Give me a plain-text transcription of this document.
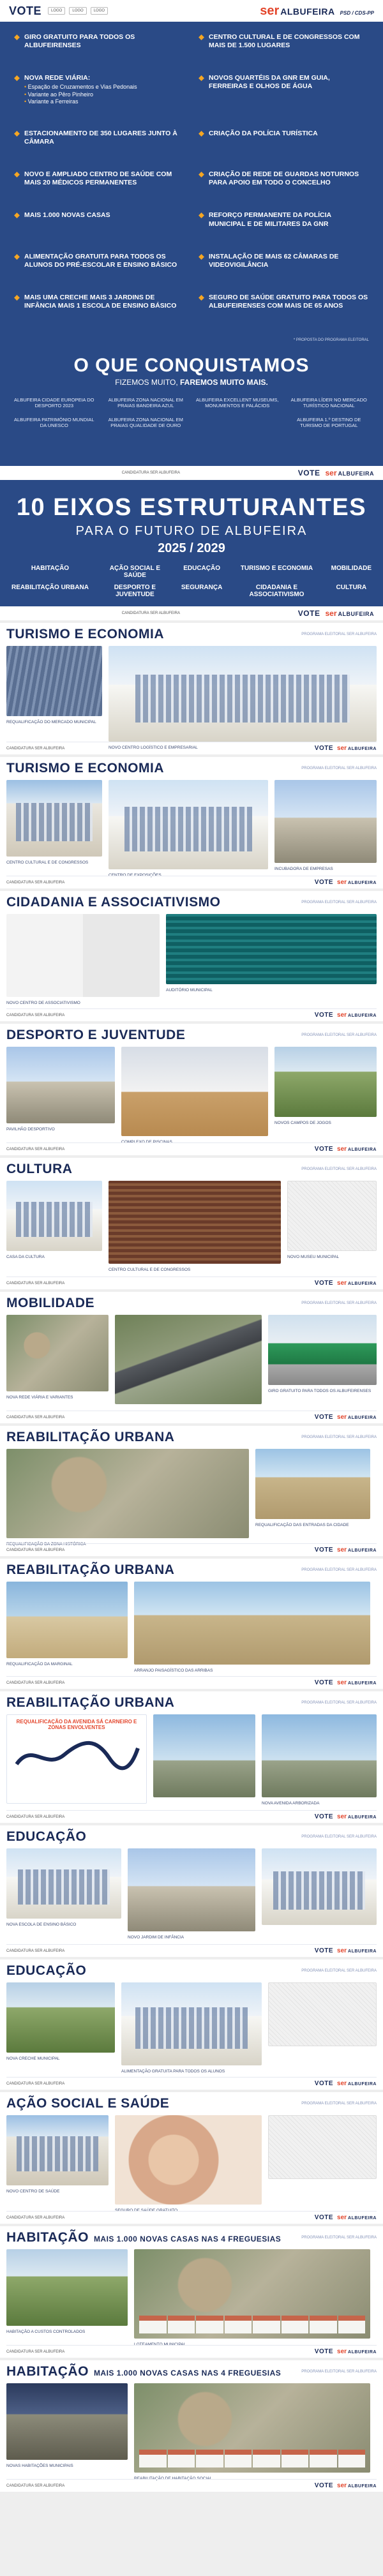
VOTE	LOGO	LOGO	LOGO	ser ALBUFEIRA PSD / CDS-PP
GIRO GRATUITO PARA TODOS OS ALBUFEIRENSES
CENTRO CULTURAL E DE CONGRESSOS COM MAIS DE 1.500 LUGARES
NOVA REDE VIÁRIA:
• Espação de Cruzamentos e Vias Pedonais
• Variante ao Pêro Pinheiro
• Variante a Ferreiras
NOVOS QUARTÉIS DA GNR EM GUIA, FERREIRAS E OLHOS DE ÁGUA
ESTACIONAMENTO DE 350 LUGARES JUNTO À CÂMARA
CRIAÇÃO DA POLÍCIA TURÍSTICA
NOVO E AMPLIADO CENTRO DE SAÚDE COM MAIS 20 MÉDICOS PERMANENTES
CRIAÇÃO DE REDE DE GUARDAS NOTURNOS PARA APOIO EM TODO O CONCELHO
MAIS 1.000 NOVAS CASAS	REFORÇO PERMANENTE DA POLÍCIA MUNICIPAL E DE MILITARES DA GNR
ALIMENTAÇÃO GRATUITA PARA TODOS OS ALUNOS DO PRÉ-ESCOLAR E ENSINO BÁSICO
INSTALAÇÃO DE MAIS 62 CÂMARAS DE VIDEOVIGILÂNCIA
MAIS UMA CRECHE MAIS 3 JARDINS DE INFÂNCIA MAIS 1 ESCOLA DE ENSINO BÁSICO
SEGURO DE SAÚDE GRATUITO PARA TODOS OS ALBUFEIRENSES COM MAIS DE 65 ANOS
* PROPOSTA DO PROGRAMA ELEITORAL
O QUE CONQUISTAMOS
FIZEMOS MUITO, FAREMOS MUITO MAIS.
ALBUFEIRA CIDADE EUROPEIA DO DESPORTO 2023
ALBUFEIRA ZONA NACIONAL EM PRAIAS BANDEIRA AZUL
ALBUFEIRA EXCELLENT MUSEUMS, MONUMENTOS E PALÁCIOS
ALBUFEIRA LÍDER NO MERCADO TURÍSTICO NACIONAL
ALBUFEIRA PATRIMÓNIO MUNDIAL DA UNESCO
ALBUFEIRA ZONA NACIONAL EM PRAIAS QUALIDADE DE OURO
ALBUFEIRA 1.º DESTINO DE TURISMO DE PORTUGAL
CANDIDATURA SER ALBUFEIRA	VOTE ser ALBUFEIRA
10 EIXOS ESTRUTURANTES
PARA O FUTURO DE ALBUFEIRA
2025 / 2029
HABITAÇÃO	AÇÃO SOCIAL E SAÚDE
EDUCAÇÃO	TURISMO E ECONOMIA	MOBILIDADE
REABILITAÇÃO URBANA	DESPORTO E JUVENTUDE
SEGURANÇA	CIDADANIA E ASSOCIATIVISMO
CULTURA
CANDIDATURA SER ALBUFEIRA	VOTE ser ALBUFEIRA
TURISMO E ECONOMIA	PROGRAMA ELEITORAL SER ALBUFEIRA
REQUALIFICAÇÃO DO MERCADO MUNICIPAL
NOVO CENTRO LOGÍSTICO E EMPRESARIAL
CANDIDATURA SER ALBUFEIRA	VOTE ser ALBUFEIRA
TURISMO E ECONOMIA	PROGRAMA ELEITORAL SER ALBUFEIRA
CENTRO CULTURAL E DE CONGRESSOS
CENTRO DE EXPOSIÇÕES
INCUBADORA DE EMPRESAS
CANDIDATURA SER ALBUFEIRA	VOTE ser ALBUFEIRA
CIDADANIA E ASSOCIATIVISMO	PROGRAMA ELEITORAL SER ALBUFEIRA
NOVO CENTRO DE ASSOCIATIVISMO
AUDITÓRIO MUNICIPAL
CANDIDATURA SER ALBUFEIRA	VOTE ser ALBUFEIRA
DESPORTO E JUVENTUDE	PROGRAMA ELEITORAL SER ALBUFEIRA
PAVILHÃO DESPORTIVO
COMPLEXO DE PISCINAS
NOVOS CAMPOS DE JOGOS
CANDIDATURA SER ALBUFEIRA	VOTE ser ALBUFEIRA
CULTURA	PROGRAMA ELEITORAL SER ALBUFEIRA
CASA DA CULTURA
CENTRO CULTURAL E DE CONGRESSOS
NOVO MUSEU MUNICIPAL
CANDIDATURA SER ALBUFEIRA	VOTE ser ALBUFEIRA
MOBILIDADE	PROGRAMA ELEITORAL SER ALBUFEIRA
NOVA REDE VIÁRIA E VARIANTES
GIRO GRATUITO PARA TODOS OS ALBUFEIRENSES
CANDIDATURA SER ALBUFEIRA	VOTE ser ALBUFEIRA
REABILITAÇÃO URBANA	PROGRAMA ELEITORAL SER ALBUFEIRA
REQUALIFICAÇÃO DA ZONA HISTÓRICA
REQUALIFICAÇÃO DAS ENTRADAS DA CIDADE
CANDIDATURA SER ALBUFEIRA	VOTE ser ALBUFEIRA
REABILITAÇÃO URBANA	PROGRAMA ELEITORAL SER ALBUFEIRA
REQUALIFICAÇÃO DA MARGINAL
ARRANJO PAISAGÍSTICO DAS ARRIBAS
CANDIDATURA SER ALBUFEIRA	VOTE ser ALBUFEIRA
REABILITAÇÃO URBANA	PROGRAMA ELEITORAL SER ALBUFEIRA
REQUALIFICAÇÃO DA AVENIDA SÁ CARNEIRO E ZONAS ENVOLVENTES
NOVA AVENIDA ARBORIZADA
CANDIDATURA SER ALBUFEIRA	VOTE ser ALBUFEIRA
EDUCAÇÃO	PROGRAMA ELEITORAL SER ALBUFEIRA
NOVA ESCOLA DE ENSINO BÁSICO
NOVO JARDIM DE INFÂNCIA
CANDIDATURA SER ALBUFEIRA	VOTE ser ALBUFEIRA
EDUCAÇÃO	PROGRAMA ELEITORAL SER ALBUFEIRA
NOVA CRECHE MUNICIPAL
ALIMENTAÇÃO GRATUITA PARA TODOS OS ALUNOS
CANDIDATURA SER ALBUFEIRA	VOTE ser ALBUFEIRA
AÇÃO SOCIAL E SAÚDE	PROGRAMA ELEITORAL SER ALBUFEIRA
NOVO CENTRO DE SAÚDE
SEGURO DE SAÚDE GRATUITO
CANDIDATURA SER ALBUFEIRA	VOTE ser ALBUFEIRA
HABITAÇÃO MAIS 1.000 NOVAS CASAS NAS 4 FREGUESIAS	PROGRAMA ELEITORAL SER ALBUFEIRA
HABITAÇÃO A CUSTOS CONTROLADOS
LOTEAMENTO MUNICIPAL
CANDIDATURA SER ALBUFEIRA	VOTE ser ALBUFEIRA
HABITAÇÃO MAIS 1.000 NOVAS CASAS NAS 4 FREGUESIAS	PROGRAMA ELEITORAL SER ALBUFEIRA
NOVAS HABITAÇÕES MUNICIPAIS
REABILITAÇÃO DE HABITAÇÃO SOCIAL
CANDIDATURA SER ALBUFEIRA	VOTE ser ALBUFEIRA
